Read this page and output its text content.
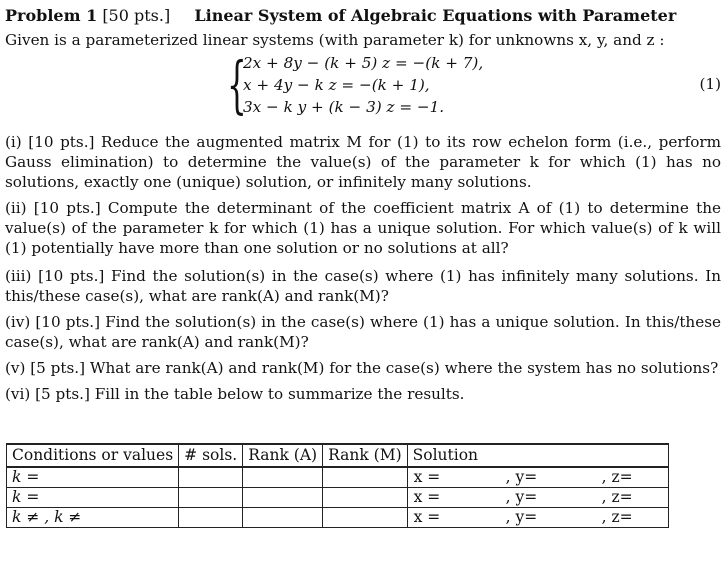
Problem 1 [50 pts.] Linear System of Algebraic Equations with Parameter
Given is a parameterized linear systems (with parameter k) for unknowns x, y, and z :
{
2x + 8y − (k + 5) z = −(k + 7),
x + 4y − k z = −(k + 1),
3x − k y + (k − 3) z = −1.
(1)
(i) [10 pts.] Reduce the augmented matrix M for (1) to its row echelon form (i.e., perform Gauss elimination) to determine the value(s) of the parameter k for which (1) has no solutions, exactly one (unique) solution, or infinitely many solutions.
(ii) [10 pts.] Compute the determinant of the coefficient matrix A of (1) to determine the value(s) of the parameter k for which (1) has a unique solution. For which value(s) of k will (1) potentially have more than one solution or no solutions at all?
(iii) [10 pts.] Find the solution(s) in the case(s) where (1) has infinitely many solutions. In this/these case(s), what are rank(A) and rank(M)?
(iv) [10 pts.] Find the solution(s) in the case(s) where (1) has a unique solution. In this/these case(s), what are rank(A) and rank(M)?
(v) [5 pts.] What are rank(A) and rank(M) for the case(s) where the system has no solutions?
(vi) [5 pts.] Fill in the table below to summarize the results.
Conditions or values	# sols.	Rank (A)	Rank (M)	Solution
k =				x = , y= , z=
k =				x = , y= , z=
k ≠ , k ≠				x = , y= , z=
